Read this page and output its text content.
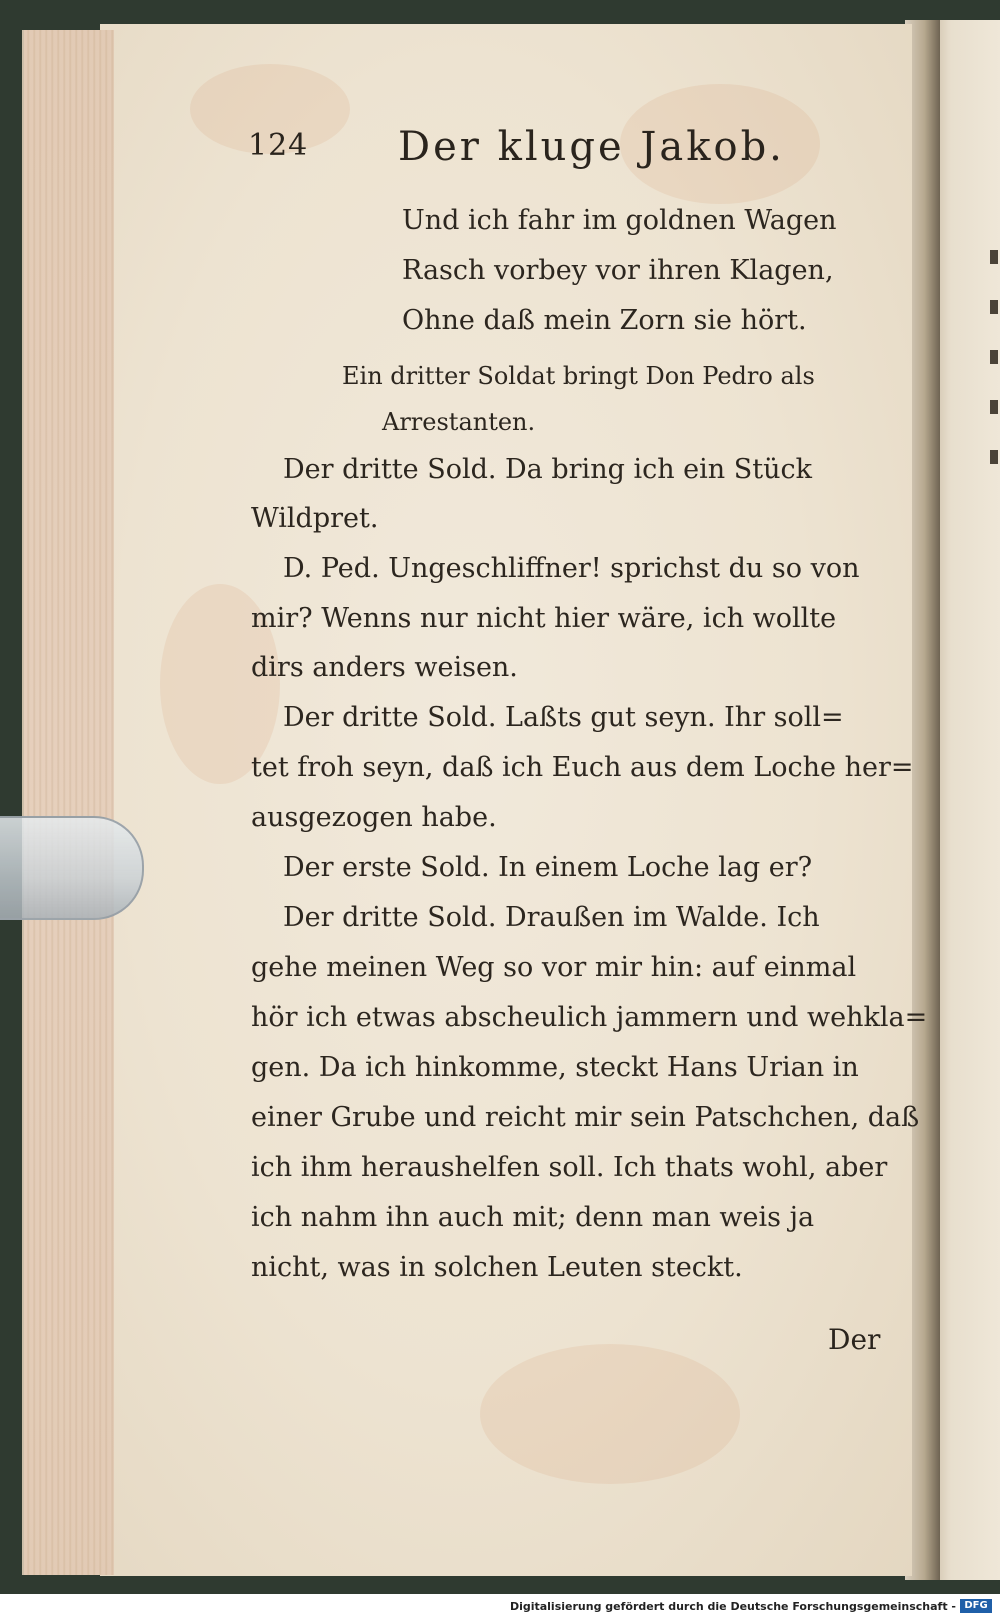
124 Der kluge Jakob.
Und ich fahr im goldnen Wagen
Rasch vorbey vor ihren Klagen,
Ohne daß mein Zorn sie hört.
Ein dritter Soldat bringt Don Pedro als
Arrestanten.
Der dritte Sold. Da bring ich ein Stück
Wildpret.
D. Ped. Ungeschliffner! sprichst du so von
mir? Wenns nur nicht hier wäre, ich wollte
dirs anders weisen.
Der dritte Sold. Laßts gut seyn. Ihr soll=
tet froh seyn, daß ich Euch aus dem Loche her=
ausgezogen habe.
Der erste Sold. In einem Loche lag er?
Der dritte Sold. Draußen im Walde. Ich
gehe meinen Weg so vor mir hin: auf einmal
hör ich etwas abscheulich jammern und wehkla=
gen. Da ich hinkomme, steckt Hans Urian in
einer Grube und reicht mir sein Patschchen, daß
ich ihm heraushelfen soll. Ich thats wohl, aber
ich nahm ihn auch mit; denn man weis ja
nicht, was in solchen Leuten steckt.
Der
Digitalisierung gefördert durch die Deutsche Forschungsgemeinschaft - DFG
